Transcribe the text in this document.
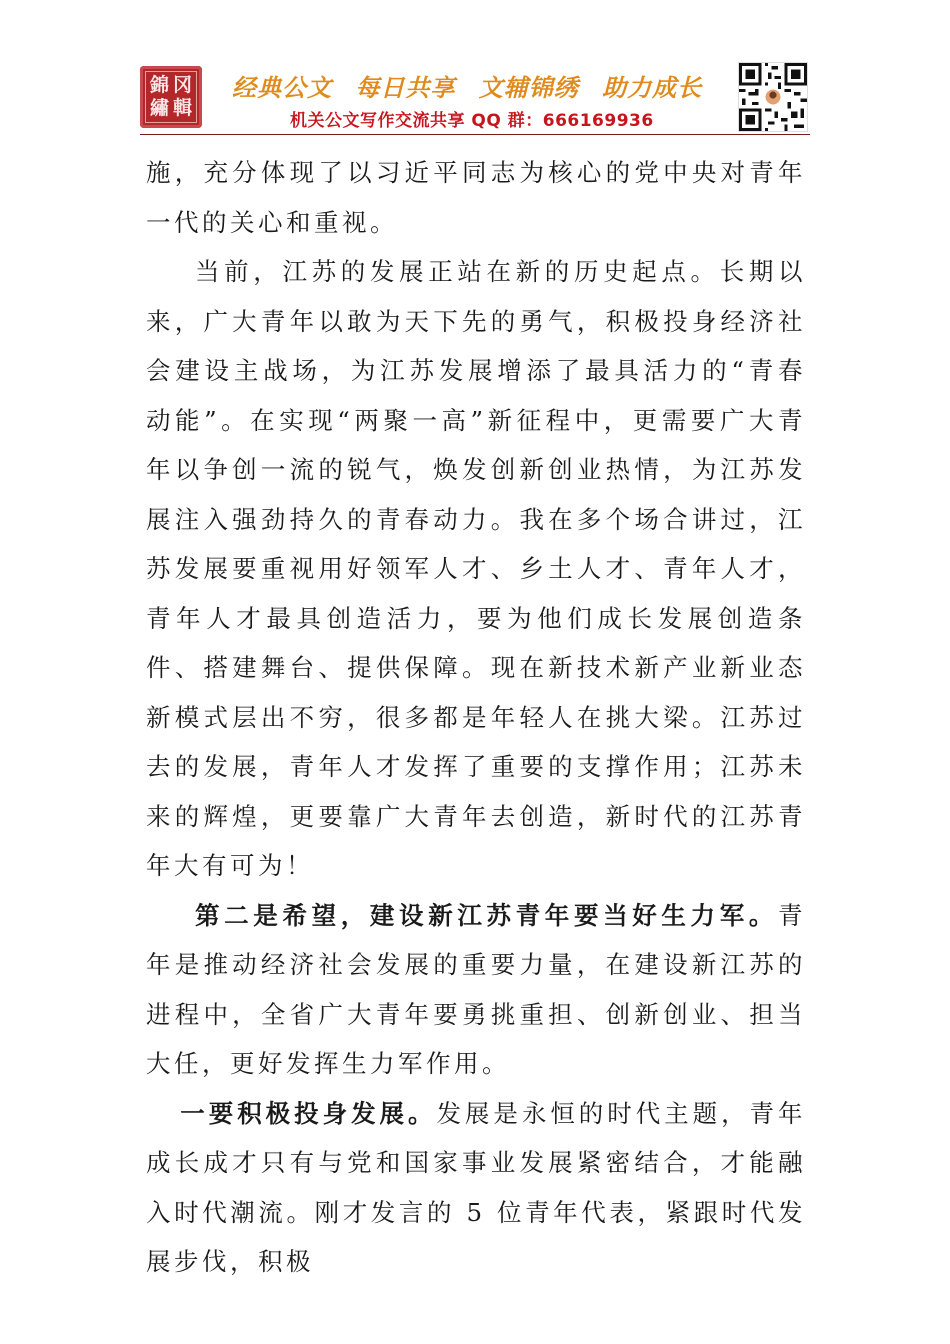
錦 冈
繡 輯
经典公文 每日共享 文辅锦绣 助力成长
机关公文写作交流共享 QQ 群：666169936

施，充分体现了以习近平同志为核心的党中央对青年一代的关心和重视。

当前，江苏的发展正站在新的历史起点。长期以来，广大青年以敢为天下先的勇气，积极投身经济社会建设主战场，为江苏发展增添了最具活力的“青春动能”。在实现“两聚一高”新征程中，更需要广大青年以争创一流的锐气，焕发创新创业热情，为江苏发展注入强劲持久的青春动力。我在多个场合讲过，江苏发展要重视用好领军人才、乡土人才、青年人才，青年人才最具创造活力，要为他们成长发展创造条件、搭建舞台、提供保障。现在新技术新产业新业态新模式层出不穷，很多都是年轻人在挑大梁。江苏过去的发展，青年人才发挥了重要的支撑作用；江苏未来的辉煌，更要靠广大青年去创造，新时代的江苏青年大有可为！

第二是希望，建设新江苏青年要当好生力军。青年是推动经济社会发展的重要力量，在建设新江苏的进程中，全省广大青年要勇挑重担、创新创业、担当大任，更好发挥生力军作用。

一要积极投身发展。发展是永恒的时代主题，青年成长成才只有与党和国家事业发展紧密结合，才能融入时代潮流。刚才发言的 5 位青年代表，紧跟时代发展步伐，积极
